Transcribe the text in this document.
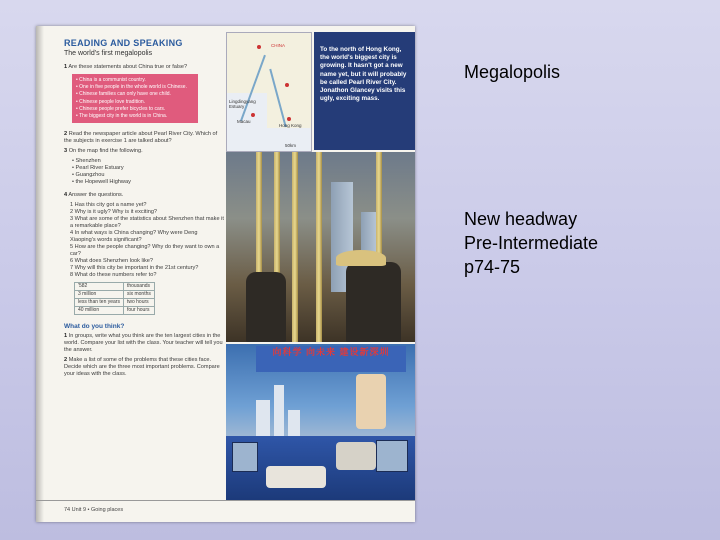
READING AND SPEAKING
The world's first megalopolis
1 Are these statements about China true or false?
• China is a communist country.
• One in five people in the whole world is Chinese.
• Chinese families can only have one child.
• Chinese people love tradition.
• Chinese people prefer bicycles to cars.
• The biggest city in the world is in China.
2 Read the newspaper article about Pearl River City. Which of the subjects in exercise 1 are talked about?
3 On the map find the following.
• Shenzhen
• Pearl River Estuary
• Guangzhou
• the Hopewell Highway
4 Answer the questions.
1 Has this city got a name yet?
2 Why is it ugly? Why is it exciting?
3 What are some of the statistics about Shenzhen that make it a remarkable place?
4 In what ways is China changing? Why were Deng Xiaoping's words significant?
5 How are the people changing? Why do they want to own a car?
6 What does Shenzhen look like?
7 Why will this city be important in the 21st century?
8 What do these numbers refer to?
'582	thousands
3 million	six months
less than ten years	two hours
40 million	four hours
What do you think?
1 In groups, write what you think are the ten largest cities in the world. Compare your list with the class. Your teacher will tell you the answer.
2 Make a list of some of the problems that these cities face. Decide which are the three most important problems. Compare your ideas with the class.
CHINA
Lingdingyang Estuary
Macau
Hong Kong
50km
To the north of Hong Kong, the world's biggest city is growing. It hasn't got a new name yet, but it will probably be called Pearl River City. Jonathon Glancey visits this ugly, exciting mass.
向科学 向未来 建设新深圳
74 Unit 9 • Going places

Megalopolis

New headway
Pre-Intermediate
p74-75
